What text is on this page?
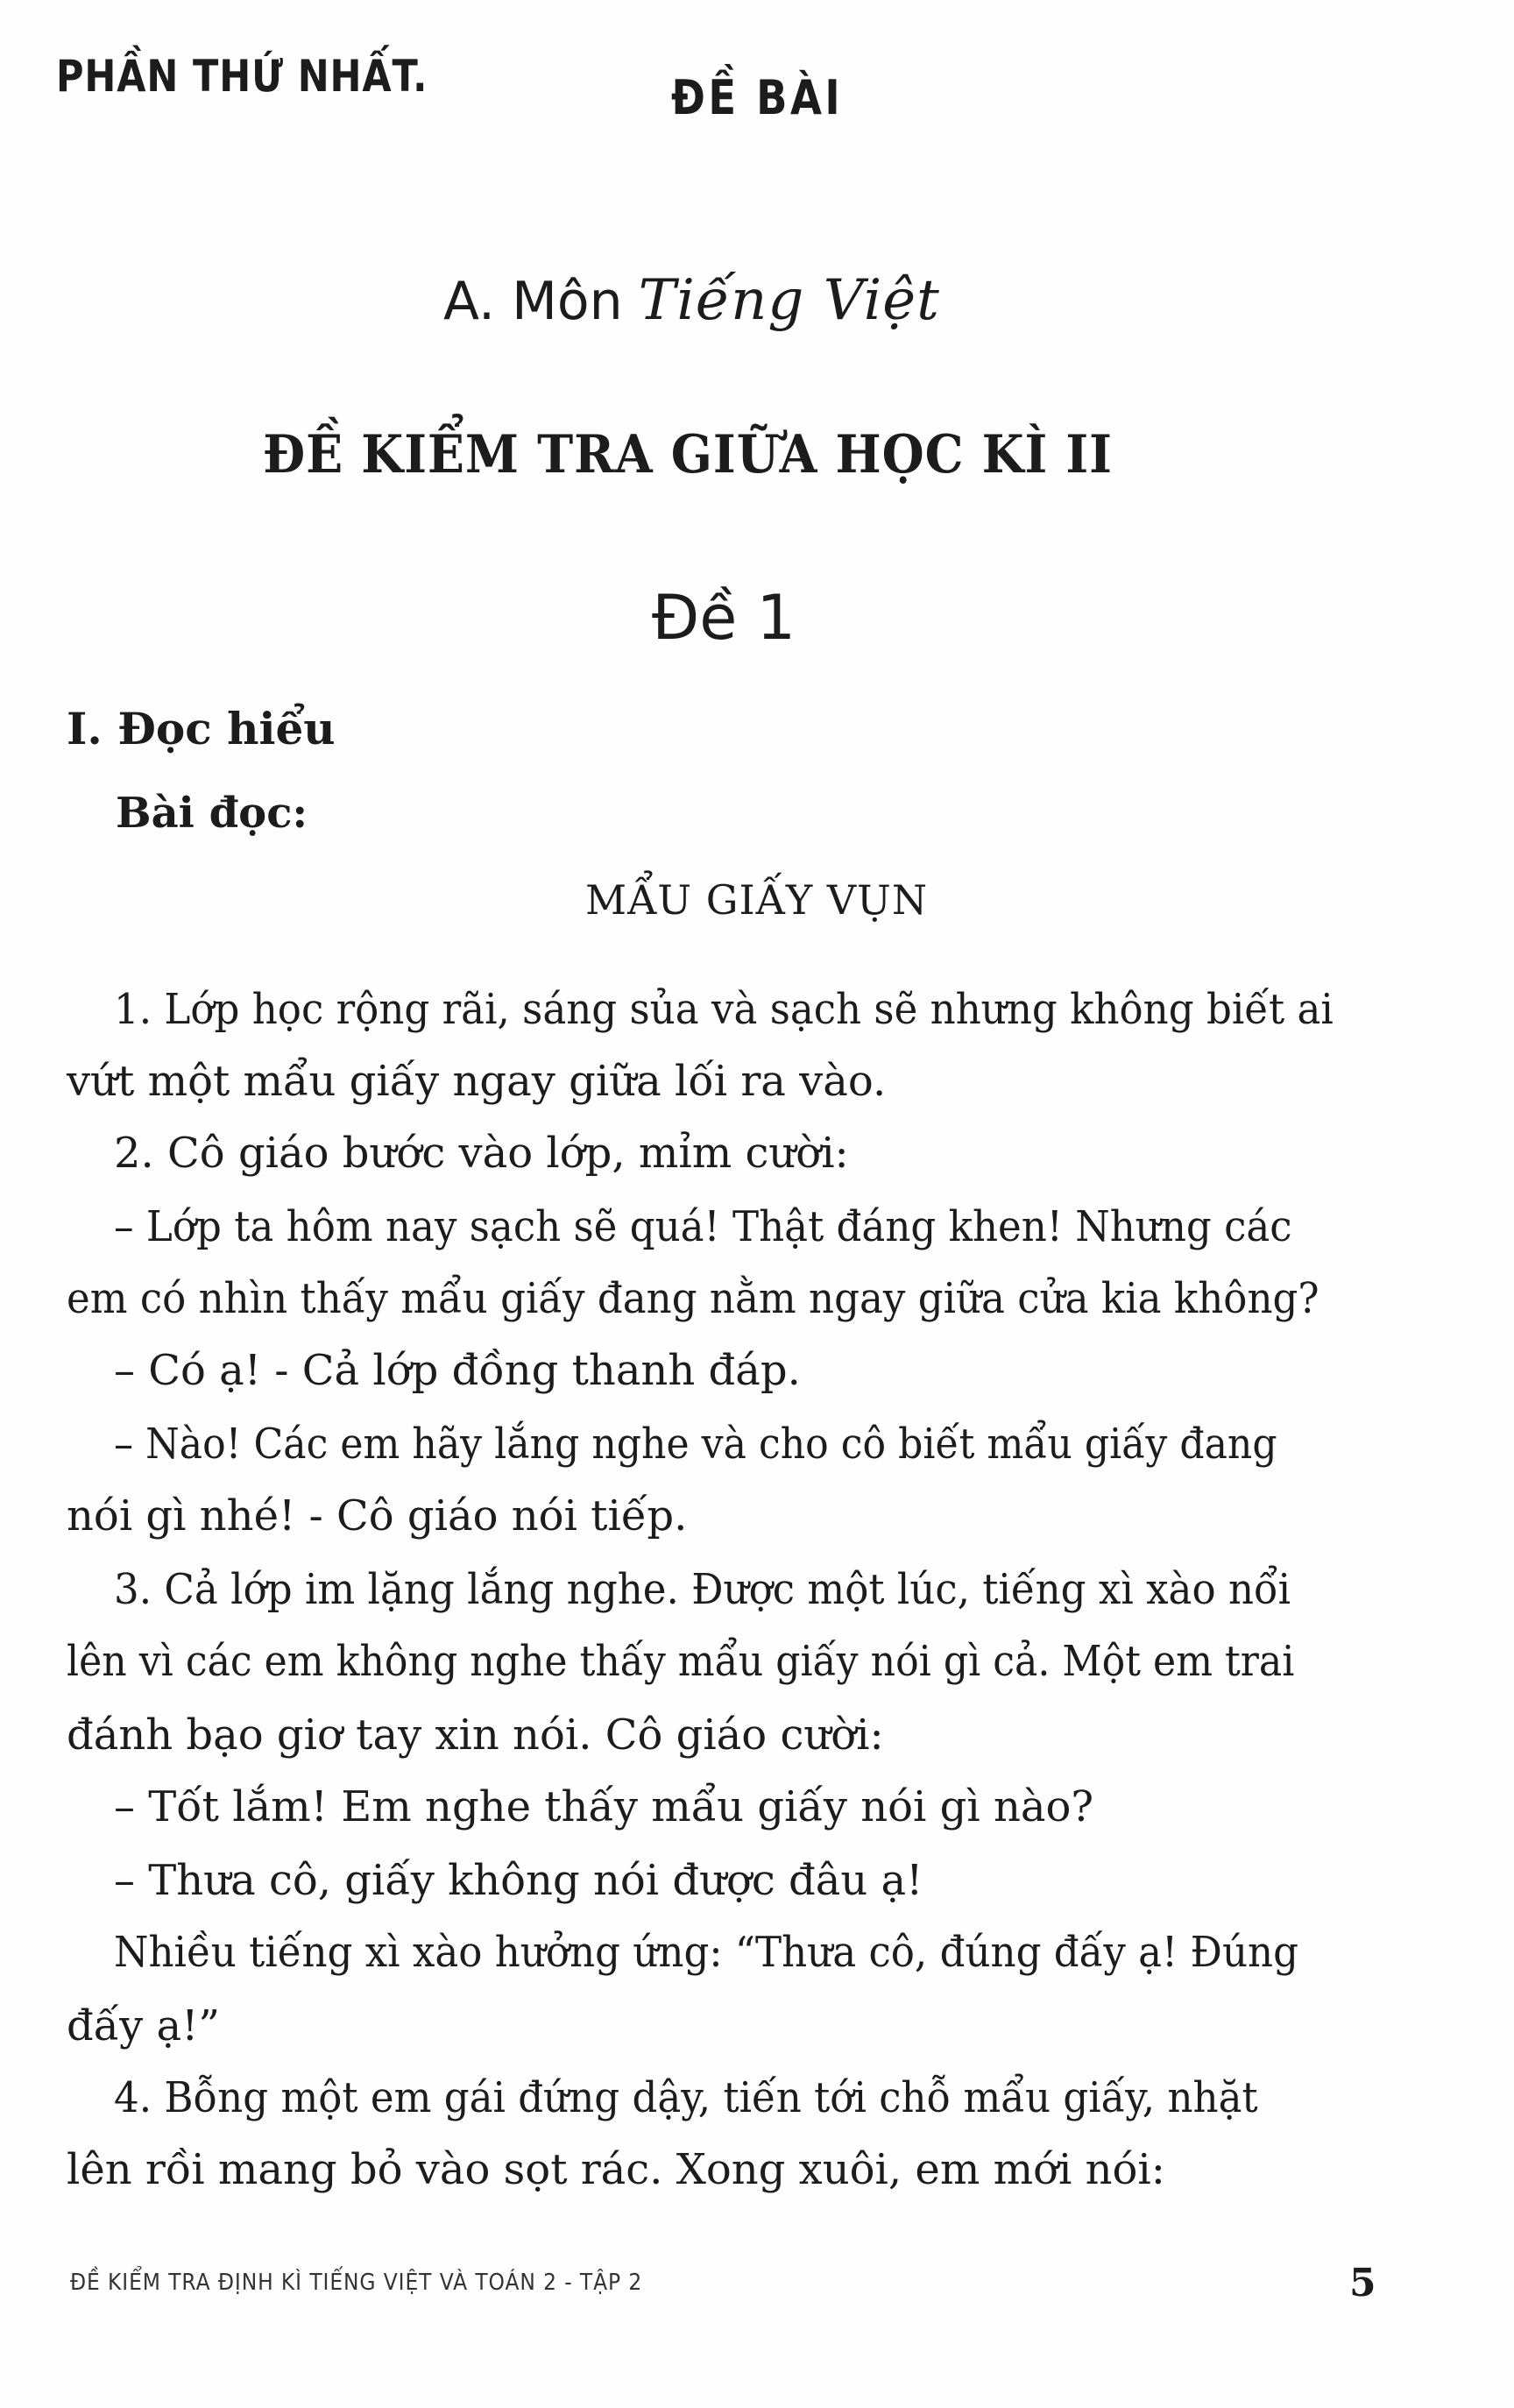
PHẦN THỨ NHẤT.	ĐỀ BÀI
A. Môn Tiếng Việt
ĐỀ KIỂM TRA GIỮA HỌC KÌ II
Đề 1
I. Đọc hiểu
Bài đọc:
MẨU GIẤY VỤN
1. Lớp học rộng rãi, sáng sủa và sạch sẽ nhưng không biết ai
vứt một mẩu giấy ngay giữa lối ra vào.
2. Cô giáo bước vào lớp, mỉm cười:
– Lớp ta hôm nay sạch sẽ quá! Thật đáng khen! Nhưng các
em có nhìn thấy mẩu giấy đang nằm ngay giữa cửa kia không?
– Có ạ! - Cả lớp đồng thanh đáp.
– Nào! Các em hãy lắng nghe và cho cô biết mẩu giấy đang
nói gì nhé! - Cô giáo nói tiếp.
3. Cả lớp im lặng lắng nghe. Được một lúc, tiếng xì xào nổi
lên vì các em không nghe thấy mẩu giấy nói gì cả. Một em trai
đánh bạo giơ tay xin nói. Cô giáo cười:
– Tốt lắm! Em nghe thấy mẩu giấy nói gì nào?
– Thưa cô, giấy không nói được đâu ạ!
Nhiều tiếng xì xào hưởng ứng: “Thưa cô, đúng đấy ạ! Đúng
đấy ạ!”
4. Bỗng một em gái đứng dậy, tiến tới chỗ mẩu giấy, nhặt
lên rồi mang bỏ vào sọt rác. Xong xuôi, em mới nói:
ĐỀ KIỂM TRA ĐỊNH KÌ TIẾNG VIỆT VÀ TOÁN 2 - TẬP 2	5
